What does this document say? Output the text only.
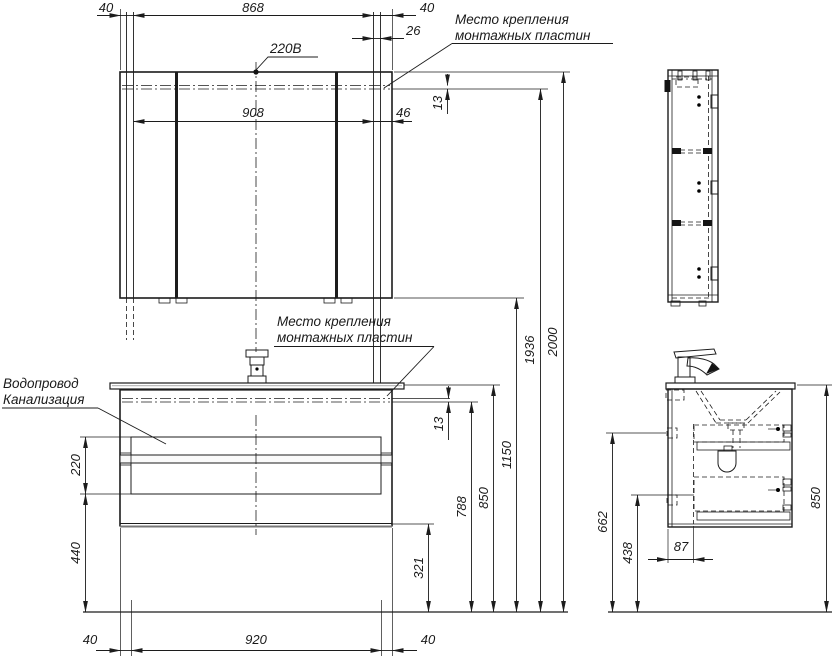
220В
Место крепления
монтажных пластин
Место крепления
монтажных пластин
Водопровод
Канализация
40	868	40
26
908	46
13
13
220
440
321
788 850
1150
1936 2000
40	920	40
662
438	87
850
